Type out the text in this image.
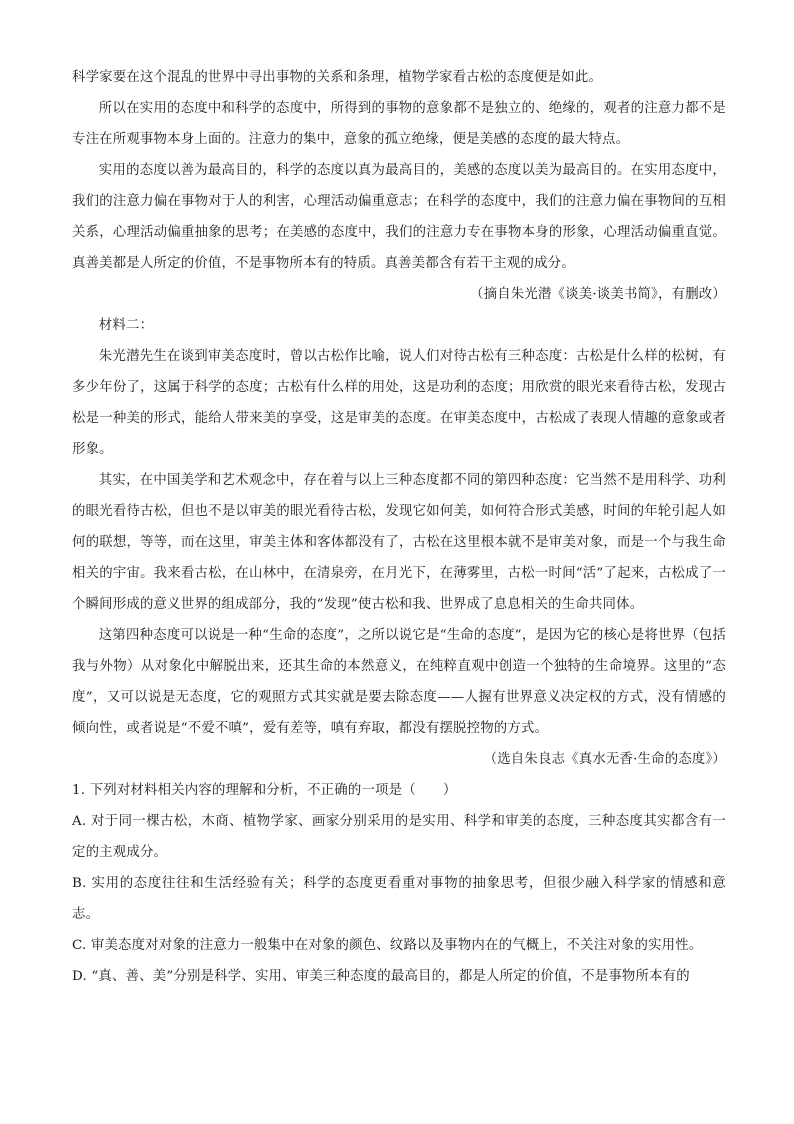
科学家要在这个混乱的世界中寻出事物的关系和条理，植物学家看古松的态度便是如此。

所以在实用的态度中和科学的态度中，所得到的事物的意象都不是独立的、绝缘的，观者的注意力都不是专注在所观事物本身上面的。注意力的集中，意象的孤立绝缘，便是美感的态度的最大特点。

实用的态度以善为最高目的，科学的态度以真为最高目的，美感的态度以美为最高目的。在实用态度中，我们的注意力偏在事物对于人的利害，心理活动偏重意志；在科学的态度中，我们的注意力偏在事物间的互相关系，心理活动偏重抽象的思考；在美感的态度中，我们的注意力专在事物本身的形象，心理活动偏重直觉。真善美都是人所定的价值，不是事物所本有的特质。真善美都含有若干主观的成分。

（摘自朱光潜《谈美·谈美书简》，有删改）

材料二：

朱光潜先生在谈到审美态度时，曾以古松作比喻，说人们对待古松有三种态度：古松是什么样的松树，有多少年份了，这属于科学的态度；古松有什么样的用处，这是功利的态度；用欣赏的眼光来看待古松，发现古松是一种美的形式，能给人带来美的享受，这是审美的态度。在审美态度中，古松成了表现人情趣的意象或者形象。

其实，在中国美学和艺术观念中，存在着与以上三种态度都不同的第四种态度：它当然不是用科学、功利的眼光看待古松，但也不是以审美的眼光看待古松，发现它如何美，如何符合形式美感，时间的年轮引起人如何的联想，等等，而在这里，审美主体和客体都没有了，古松在这里根本就不是审美对象，而是一个与我生命相关的宇宙。我来看古松，在山林中，在清泉旁，在月光下，在薄雾里，古松一时间“活”了起来，古松成了一个瞬间形成的意义世界的组成部分，我的“发现”使古松和我、世界成了息息相关的生命共同体。

这第四种态度可以说是一种“生命的态度”，之所以说它是“生命的态度”，是因为它的核心是将世界（包括我与外物）从对象化中解脱出来，还其生命的本然意义，在纯粹直观中创造一个独特的生命境界。这里的“态度”，又可以说是无态度，它的观照方式其实就是要去除态度——人握有世界意义决定权的方式，没有情感的倾向性，或者说是“不爱不嗔”，爱有差等，嗔有弃取，都没有摆脱控物的方式。

（选自朱良志《真水无香·生命的态度》）

1. 下列对材料相关内容的理解和分析，不正确的一项是（　　）

A. 对于同一棵古松，木商、植物学家、画家分别采用的是实用、科学和审美的态度，三种态度其实都含有一定的主观成分。

B. 实用的态度往往和生活经验有关；科学的态度更看重对事物的抽象思考，但很少融入科学家的情感和意志。

C. 审美态度对对象的注意力一般集中在对象的颜色、纹路以及事物内在的气概上，不关注对象的实用性。

D. “真、善、美”分别是科学、实用、审美三种态度的最高目的，都是人所定的价值，不是事物所本有的
